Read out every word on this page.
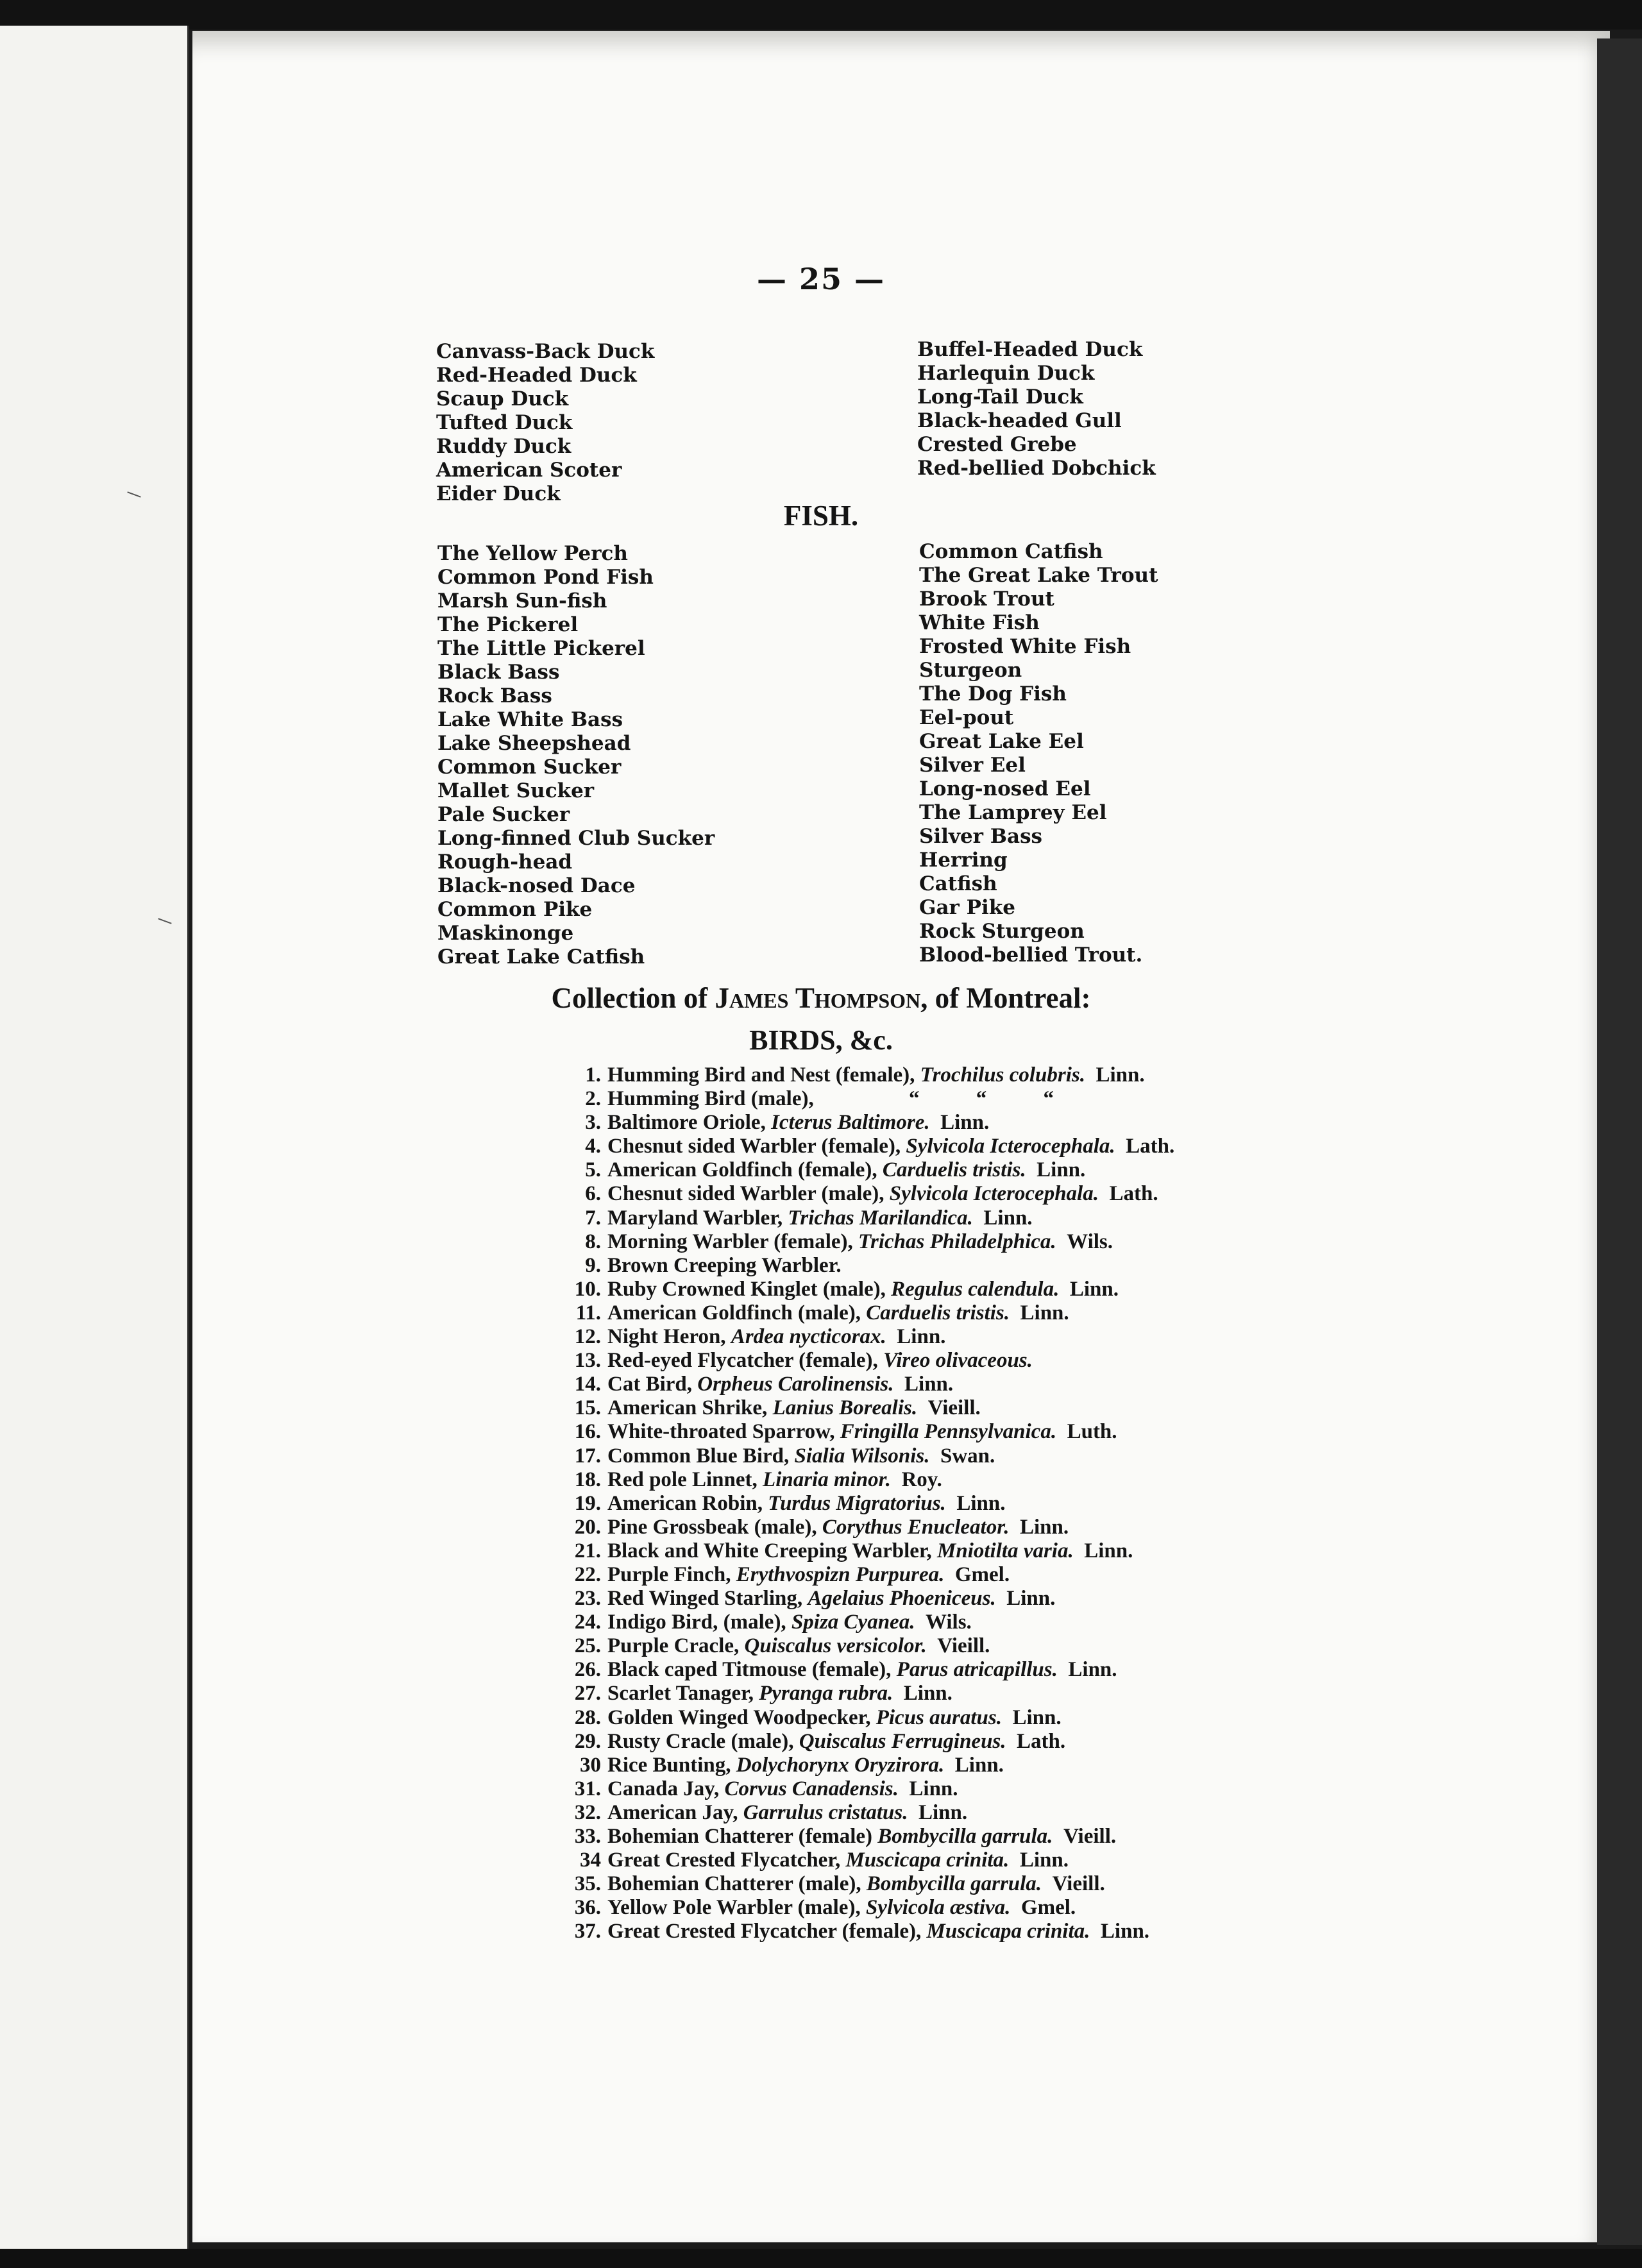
— 25 —
Canvass-Back Duck
Red-Headed Duck
Scaup Duck
Tufted Duck
Ruddy Duck
American Scoter
Eider Duck
Buffel-Headed Duck
Harlequin Duck
Long-Tail Duck
Black-headed Gull
Crested Grebe
Red-bellied Dobchick
FISH.
The Yellow Perch
Common Pond Fish
Marsh Sun-fish
The Pickerel
The Little Pickerel
Black Bass
Rock Bass
Lake White Bass
Lake Sheepshead
Common Sucker
Mallet Sucker
Pale Sucker
Long-finned Club Sucker
Rough-head
Black-nosed Dace
Common Pike
Maskinonge
Great Lake Catfish
Common Catfish
The Great Lake Trout
Brook Trout
White Fish
Frosted White Fish
Sturgeon
The Dog Fish
Eel-pout
Great Lake Eel
Silver Eel
Long-nosed Eel
The Lamprey Eel
Silver Bass
Herring
Catfish
Gar Pike
Rock Sturgeon
Blood-bellied Trout.
Collection of James Thompson, of Montreal:
BIRDS, &c.
1. Humming Bird and Nest (female), Trochilus colubris. Linn.
2. Humming Bird (male),	“ “ “
3. Baltimore Oriole, Icterus Baltimore. Linn.
4. Chesnut sided Warbler (female), Sylvicola Icterocephala. Lath.
5. American Goldfinch (female), Carduelis tristis. Linn.
6. Chesnut sided Warbler (male), Sylvicola Icterocephala. Lath.
7. Maryland Warbler, Trichas Marilandica. Linn.
8. Morning Warbler (female), Trichas Philadelphica. Wils.
9. Brown Creeping Warbler.
10. Ruby Crowned Kinglet (male), Regulus calendula. Linn.
11. American Goldfinch (male), Carduelis tristis. Linn.
12. Night Heron, Ardea nycticorax. Linn.
13. Red-eyed Flycatcher (female), Vireo olivaceous.
14. Cat Bird, Orpheus Carolinensis. Linn.
15. American Shrike, Lanius Borealis. Vieill.
16. White-throated Sparrow, Fringilla Pennsylvanica. Luth.
17. Common Blue Bird, Sialia Wilsonis. Swan.
18. Red pole Linnet, Linaria minor. Roy.
19. American Robin, Turdus Migratorius. Linn.
20. Pine Grossbeak (male), Corythus Enucleator. Linn.
21. Black and White Creeping Warbler, Mniotilta varia. Linn.
22. Purple Finch, Erythvospizn Purpurea. Gmel.
23. Red Winged Starling, Agelaius Phoeniceus. Linn.
24. Indigo Bird, (male), Spiza Cyanea. Wils.
25. Purple Cracle, Quiscalus versicolor. Vieill.
26. Black caped Titmouse (female), Parus atricapillus. Linn.
27. Scarlet Tanager, Pyranga rubra. Linn.
28. Golden Winged Woodpecker, Picus auratus. Linn.
29. Rusty Cracle (male), Quiscalus Ferrugineus. Lath.
30 Rice Bunting, Dolychorynx Oryzirora. Linn.
31. Canada Jay, Corvus Canadensis. Linn.
32. American Jay, Garrulus cristatus. Linn.
33. Bohemian Chatterer (female) Bombycilla garrula. Vieill.
34 Great Crested Flycatcher, Muscicapa crinita. Linn.
35. Bohemian Chatterer (male), Bombycilla garrula. Vieill.
36. Yellow Pole Warbler (male), Sylvicola æstiva. Gmel.
37. Great Crested Flycatcher (female), Muscicapa crinita. Linn.
